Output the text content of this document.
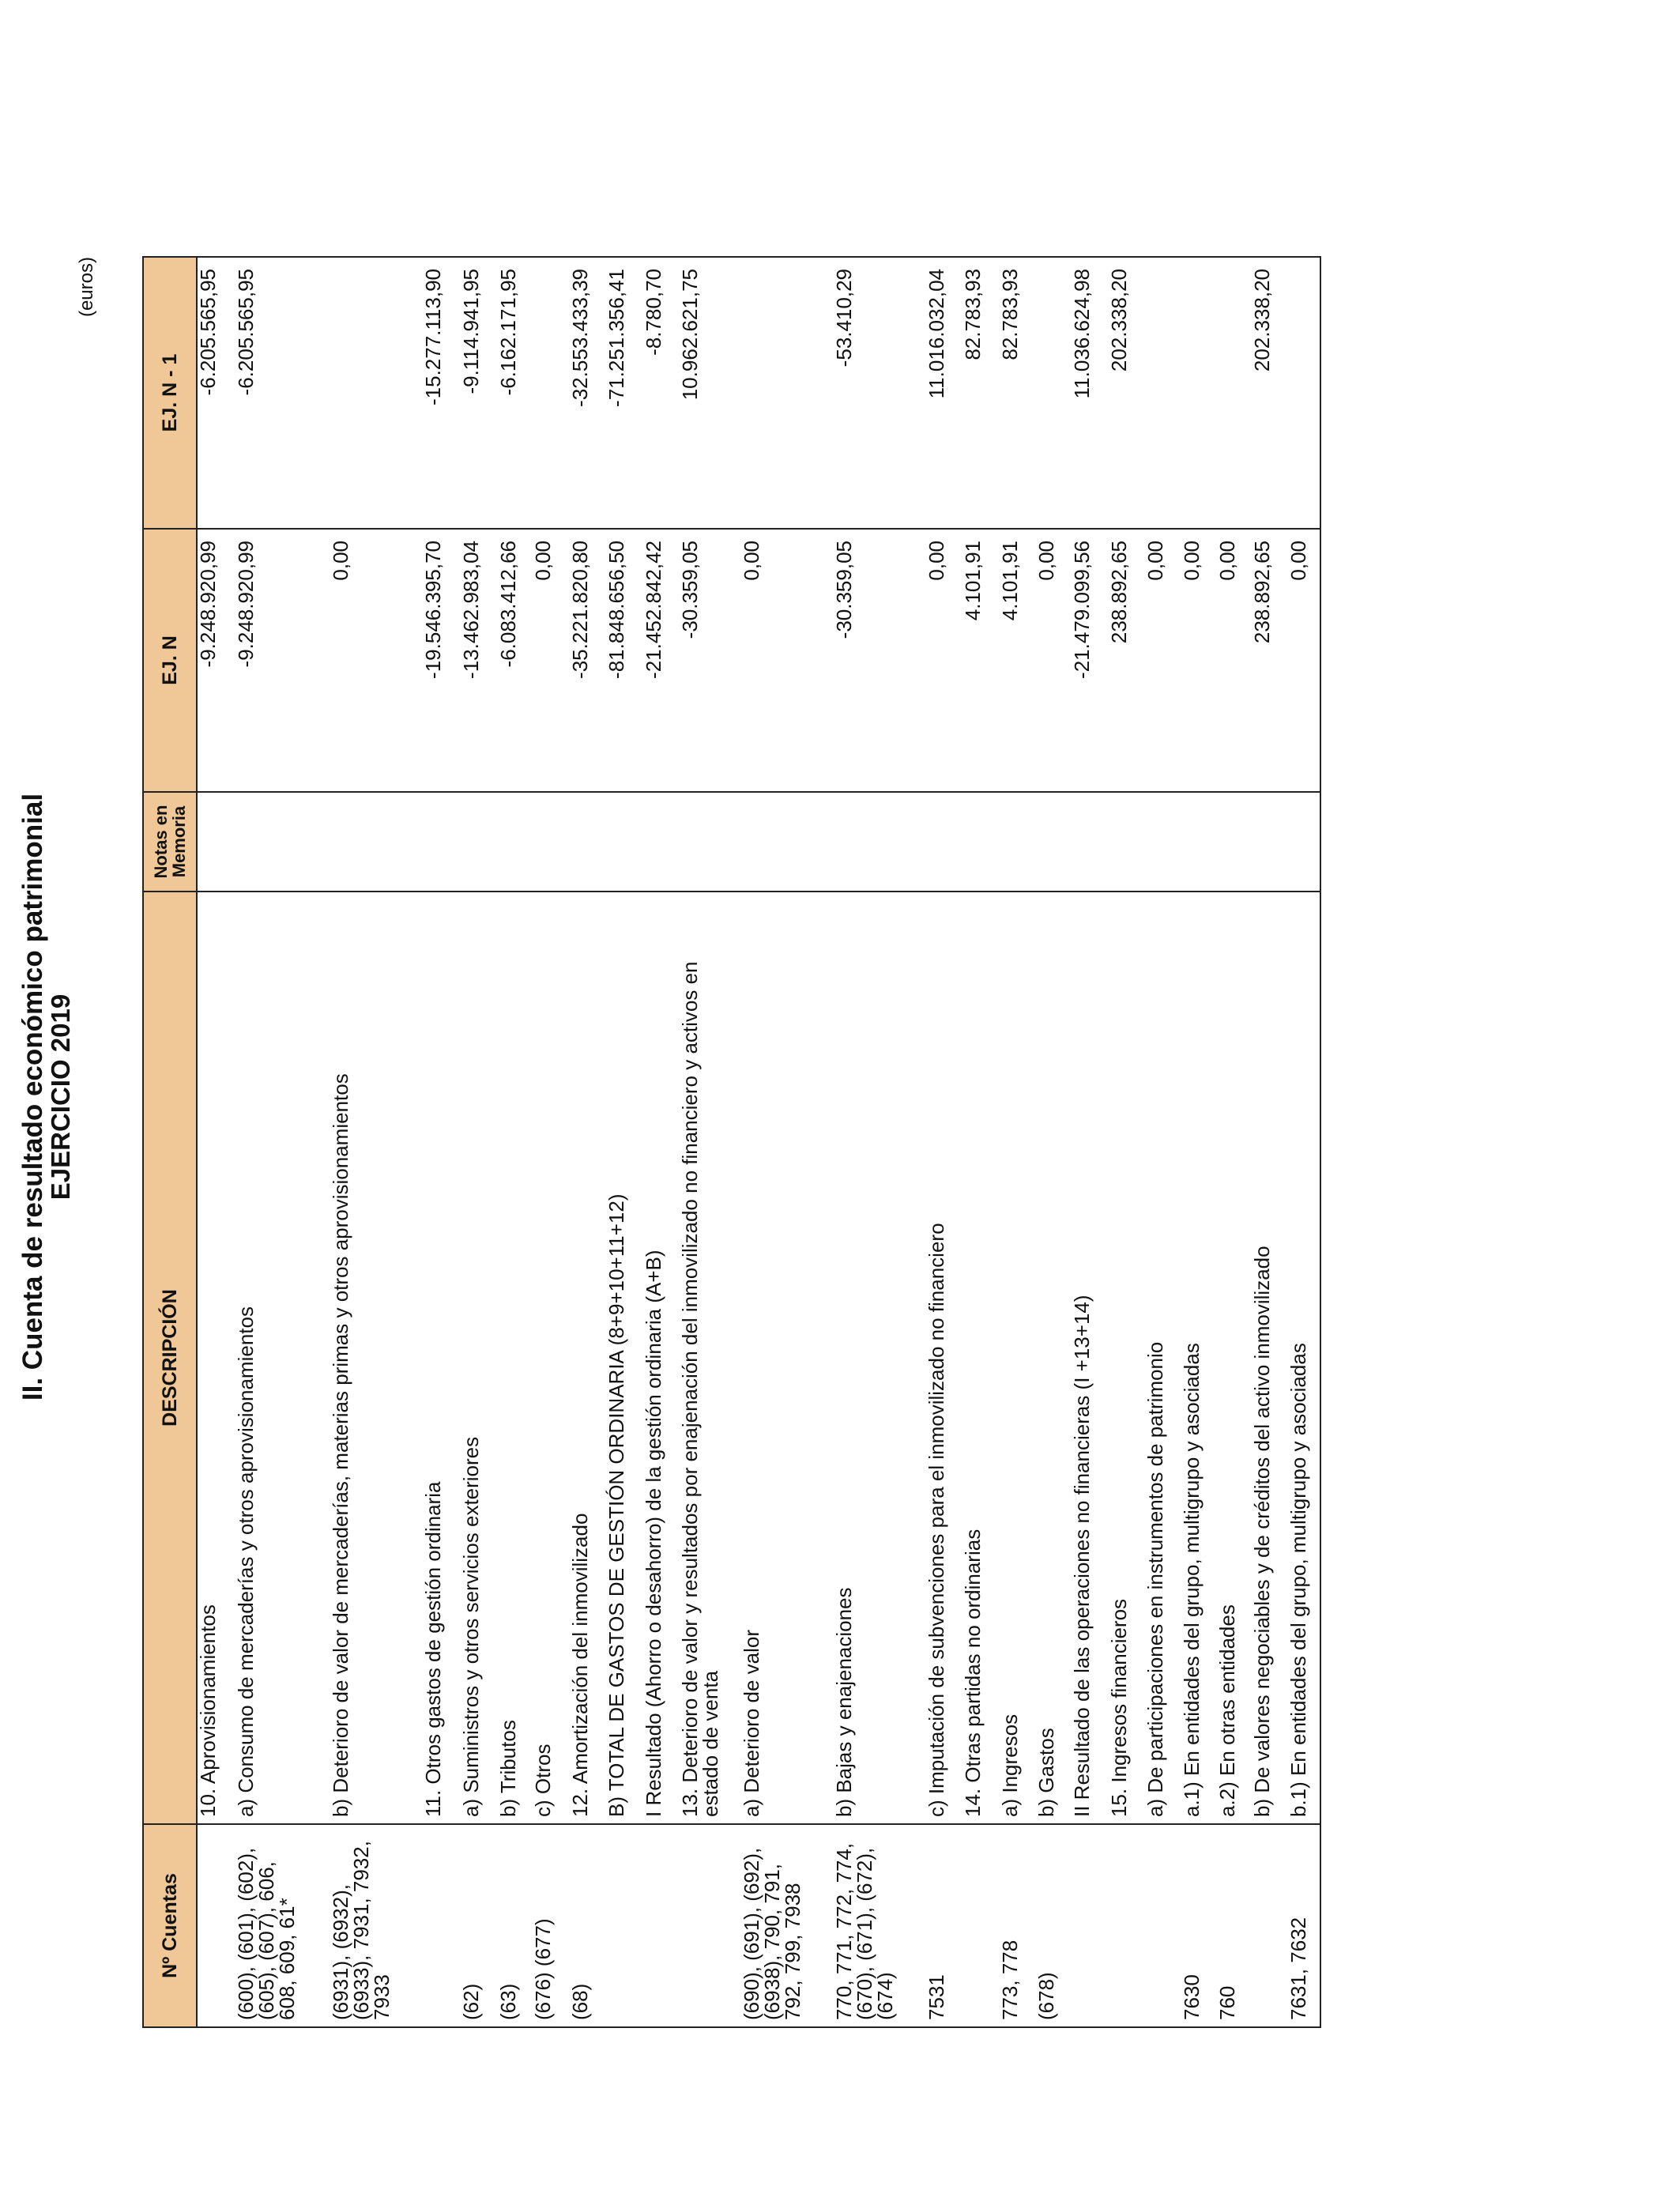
II. Cuenta de resultado económico patrimonial
EJERCICIO 2019
(euros)
Nº Cuentas	DESCRIPCIÓN	Notas en Memoria	EJ. N	EJ. N - 1

	10. Aprovisionamientos		-9.248.920,99	-6.205.565,95

(600), (601), (602), (605), (607), 606, 608, 609, 61*	a) Consumo de mercaderías y otros aprovisionamientos		-9.248.920,99	-6.205.565,95

(6931), (6932), (6933), 7931, 7932, 7933	b) Deterioro de valor de mercaderías, materias primas y otros aprovisionamientos		0,00	

	11. Otros gastos de gestión ordinaria		-19.546.395,70	-15.277.113,90

(62)	a) Suministros y otros servicios exteriores		-13.462.983,04	-9.114.941,95

(63)	b) Tributos		-6.083.412,66	-6.162.171,95

(676) (677)	c) Otros		0,00	

(68)	12. Amortización del inmovilizado		-35.221.820,80	-32.553.433,39

	B) TOTAL DE GASTOS DE GESTIÓN ORDINARIA (8+9+10+11+12)		-81.848.656,50	-71.251.356,41

	I Resultado (Ahorro o desahorro) de la gestión ordinaria (A+B)		-21.452.842,42	-8.780,70

	13. Deterioro de valor y resultados por enajenación del inmovilizado no financiero y activos en estado de venta		-30.359,05	10.962.621,75

(690), (691), (692), (6938), 790, 791, 792, 799, 7938	a) Deterioro de valor		0,00	

770, 771, 772, 774, (670), (671), (672), (674)	b) Bajas y enajenaciones		-30.359,05	-53.410,29

7531	c) Imputación de subvenciones para el inmovilizado no financiero		0,00	11.016.032,04

	14. Otras partidas no ordinarias		4.101,91	82.783,93

773, 778	a) Ingresos		4.101,91	82.783,93

(678)	b) Gastos		0,00	

	II Resultado de las operaciones no financieras (I +13+14)		-21.479.099,56	11.036.624,98

	15. Ingresos financieros		238.892,65	202.338,20

	a) De participaciones en instrumentos de patrimonio		0,00	

7630	a.1) En entidades del grupo, multigrupo y asociadas		0,00	

760	a.2) En otras entidades		0,00	

	b) De valores negociables y de créditos del activo inmovilizado		238.892,65	202.338,20

7631, 7632	b.1) En entidades del grupo, multigrupo y asociadas		0,00	
